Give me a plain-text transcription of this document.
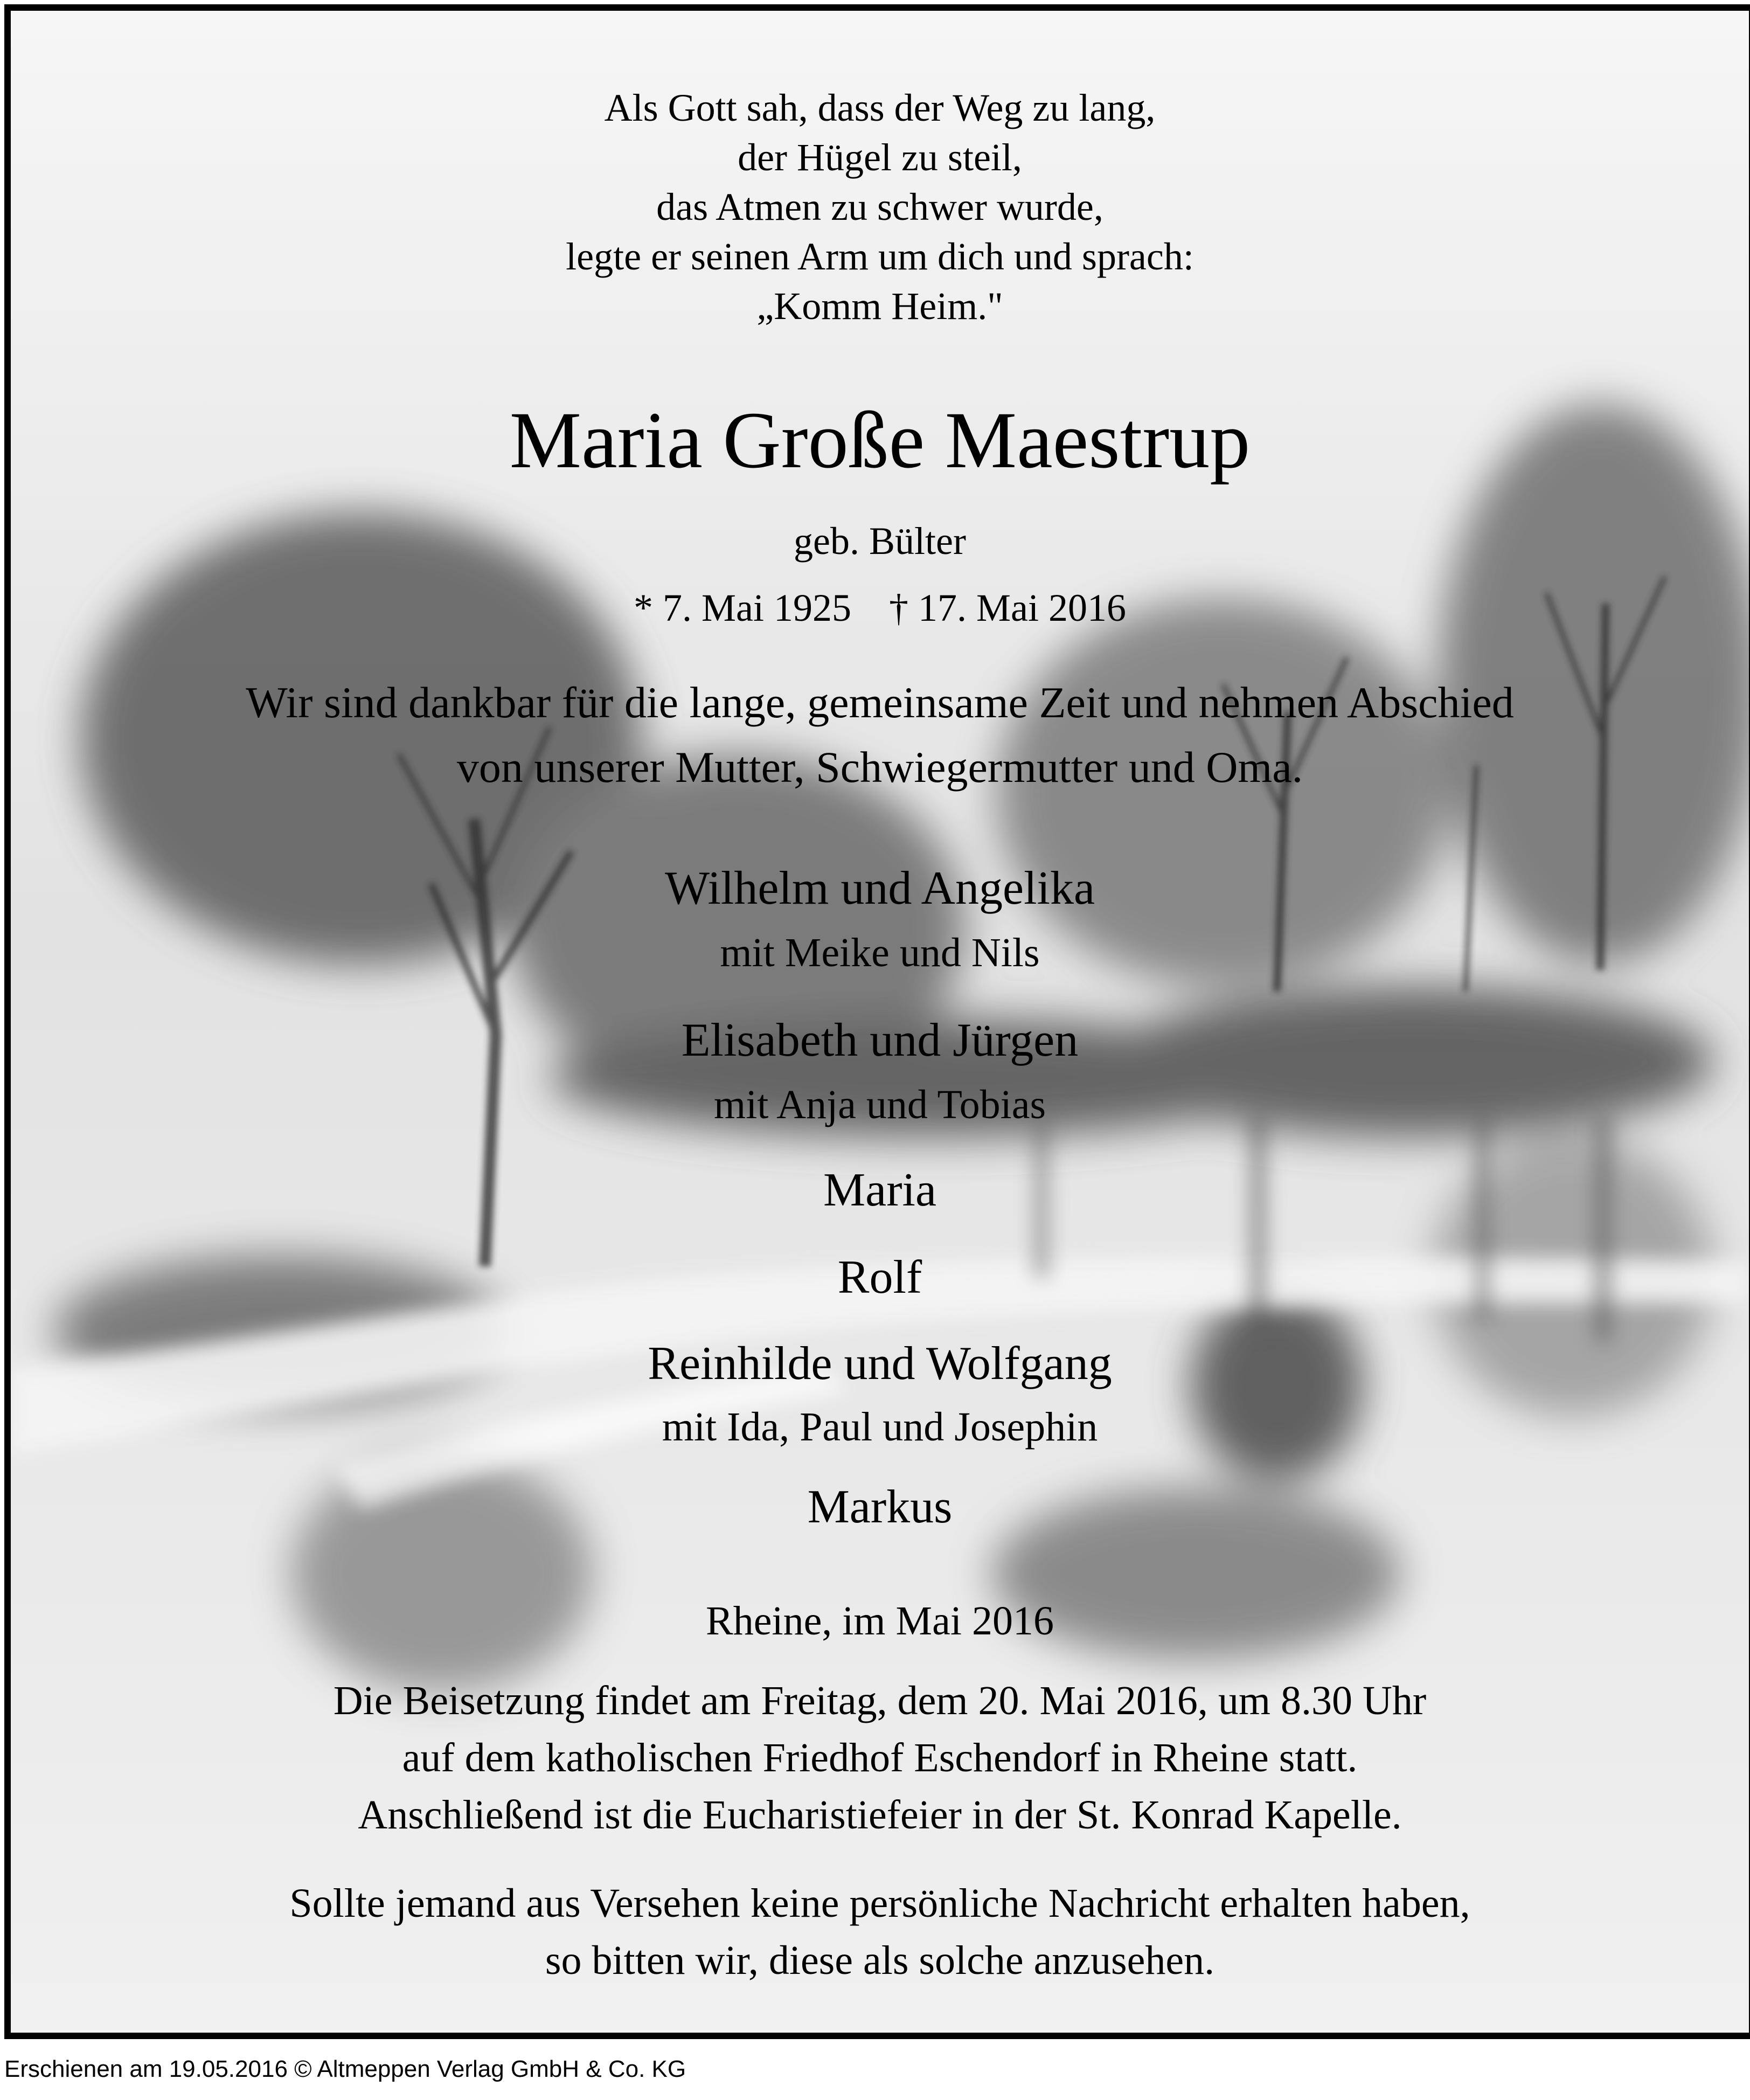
Als Gott sah, dass der Weg zu lang,
der Hügel zu steil,
das Atmen zu schwer wurde,
legte er seinen Arm um dich und sprach:
„Komm Heim."
Maria Große Maestrup
geb. Bülter
* 7. Mai 1925 † 17. Mai 2016
Wir sind dankbar für die lange, gemeinsame Zeit und nehmen Abschied
von unserer Mutter, Schwiegermutter und Oma.
Wilhelm und Angelika
mit Meike und Nils
Elisabeth und Jürgen
mit Anja und Tobias
Maria
Rolf
Reinhilde und Wolfgang
mit Ida, Paul und Josephin
Markus
Rheine, im Mai 2016
Die Beisetzung findet am Freitag, dem 20. Mai 2016, um 8.30 Uhr
auf dem katholischen Friedhof Eschendorf in Rheine statt.
Anschließend ist die Eucharistiefeier in der St. Konrad Kapelle.
Sollte jemand aus Versehen keine persönliche Nachricht erhalten haben,
so bitten wir, diese als solche anzusehen.
Erschienen am 19.05.2016 © Altmeppen Verlag GmbH & Co. KG
